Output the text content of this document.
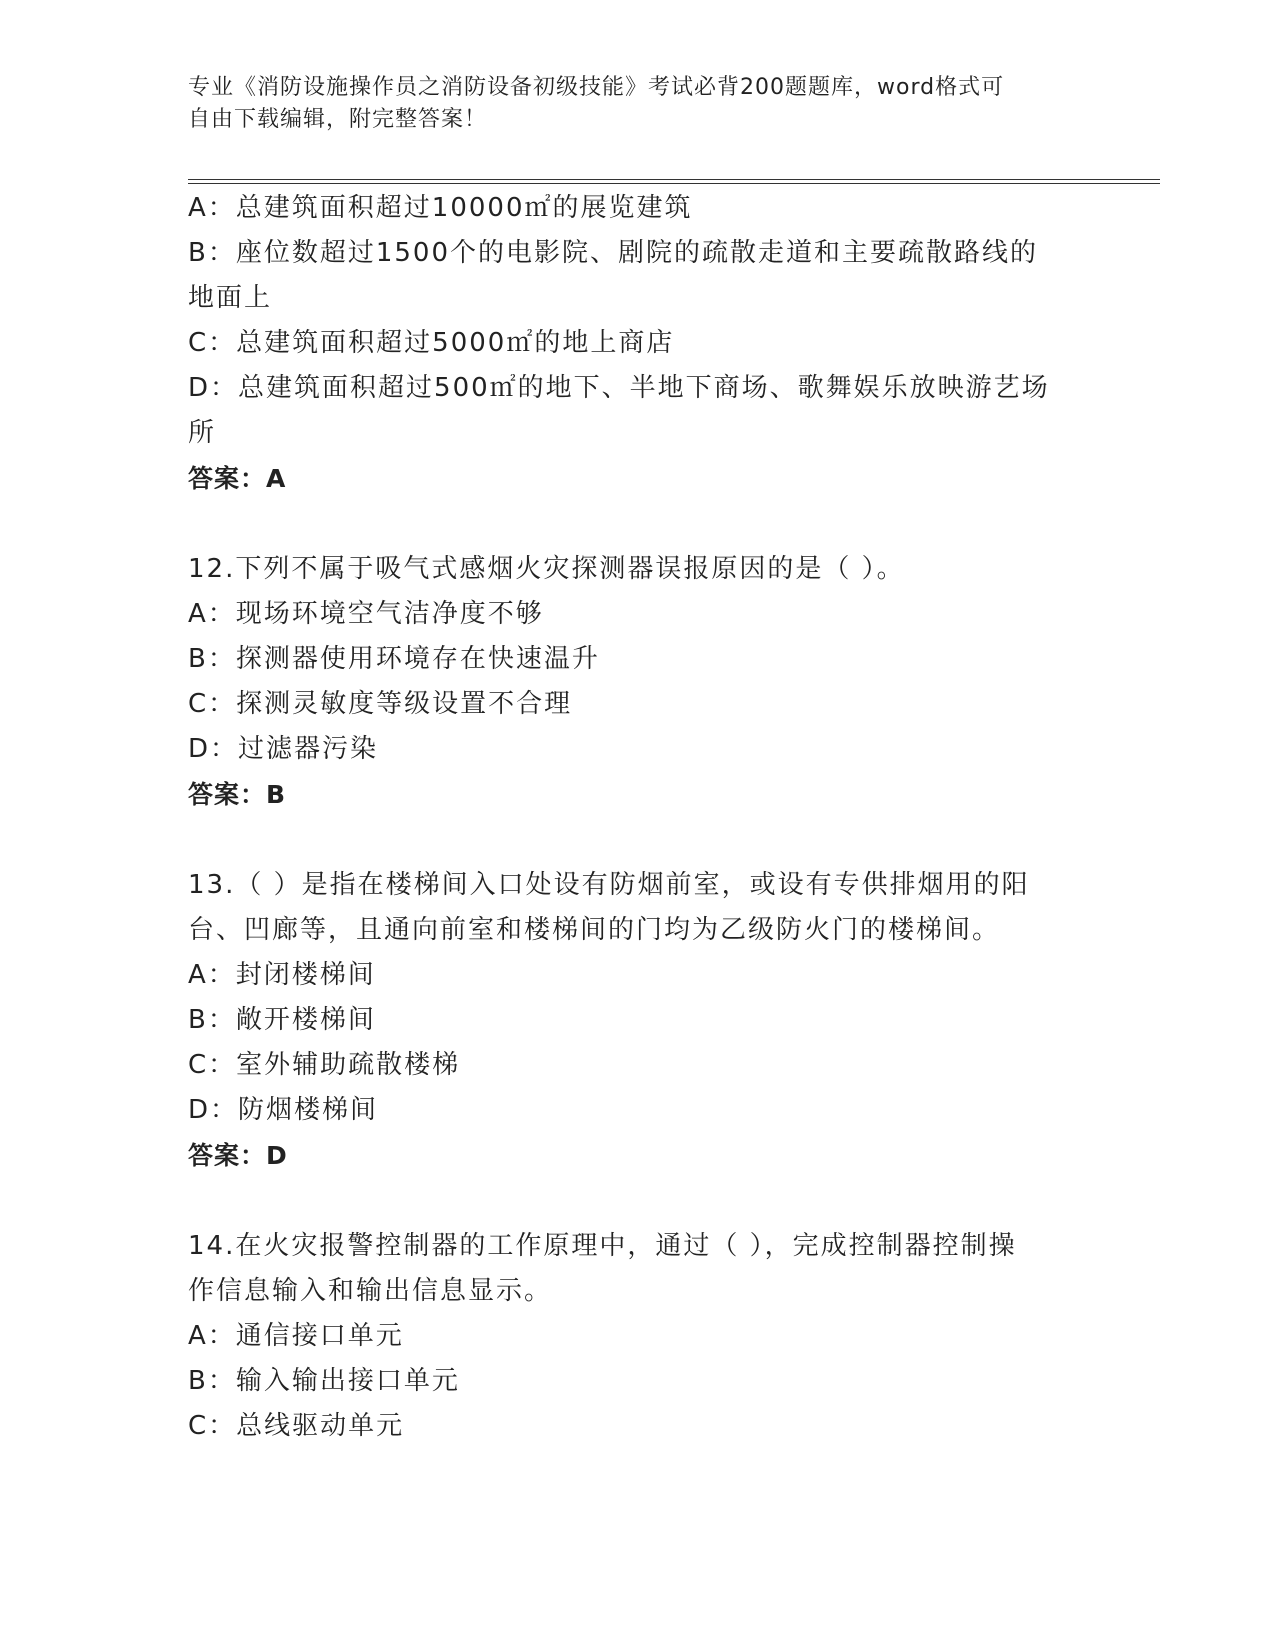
专业《消防设施操作员之消防设备初级技能》考试必背200题题库，word格式可
自由下载编辑，附完整答案！
A：总建筑面积超过10000㎡的展览建筑
B：座位数超过1500个的电影院、剧院的疏散走道和主要疏散路线的
地面上
C：总建筑面积超过5000㎡的地上商店
D：总建筑面积超过500㎡的地下、半地下商场、歌舞娱乐放映游艺场
所
答案：A
12.下列不属于吸气式感烟火灾探测器误报原因的是（ ）。
A：现场环境空气洁净度不够
B：探测器使用环境存在快速温升
C：探测灵敏度等级设置不合理
D：过滤器污染
答案：B
13.（ ）是指在楼梯间入口处设有防烟前室，或设有专供排烟用的阳
台、凹廊等，且通向前室和楼梯间的门均为乙级防火门的楼梯间。
A：封闭楼梯间
B：敞开楼梯间
C：室外辅助疏散楼梯
D：防烟楼梯间
答案：D
14.在火灾报警控制器的工作原理中，通过（ ），完成控制器控制操
作信息输入和输出信息显示。
A：通信接口单元
B：输入输出接口单元
C：总线驱动单元
